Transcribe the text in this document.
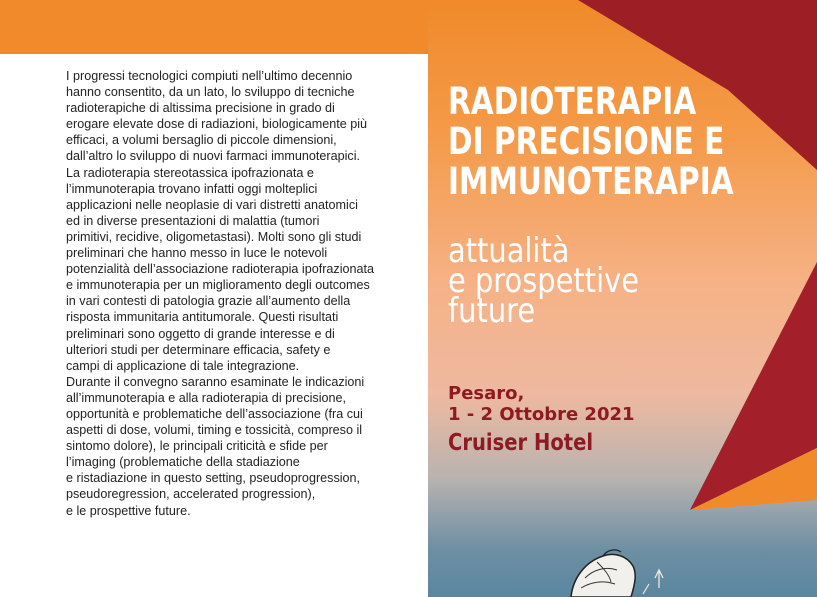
I progressi tecnologici compiuti nell’ultimo decennio

hanno consentito, da un lato, lo sviluppo di tecniche

radioterapiche di altissima precisione in grado di

erogare elevate dose di radiazioni, biologicamente più

efficaci, a volumi bersaglio di piccole dimensioni,

dall’altro lo sviluppo di nuovi farmaci immunoterapici.

La radioterapia stereotassica ipofrazionata e

l’immunoterapia trovano infatti oggi molteplici

applicazioni nelle neoplasie di vari distretti anatomici

ed in diverse presentazioni di malattia (tumori

primitivi, recidive, oligometastasi). Molti sono gli studi

preliminari che hanno messo in luce le notevoli

potenzialità dell’associazione radioterapia ipofrazionata

e immunoterapia per un miglioramento degli outcomes

in vari contesti di patologia grazie all’aumento della

risposta immunitaria antitumorale. Questi risultati

preliminari sono oggetto di grande interesse e di

ulteriori studi per determinare efficacia, safety e

campi di applicazione di tale integrazione.

Durante il convegno saranno esaminate le indicazioni

all’immunoterapia e alla radioterapia di precisione,

opportunità e problematiche dell’associazione (fra cui

aspetti di dose, volumi, timing e tossicità, compreso il

sintomo dolore), le principali criticità e sfide per

l’imaging (problematiche della stadiazione

e ristadiazione in questo setting, pseudoprogression,

pseudoregression, accelerated progression),

e le prospettive future.

RADIOTERAPIA
DI PRECISIONE E
IMMUNOTERAPIA
attualità
e prospettive
future
Pesaro,
1 - 2 Ottobre 2021
Cruiser Hotel
